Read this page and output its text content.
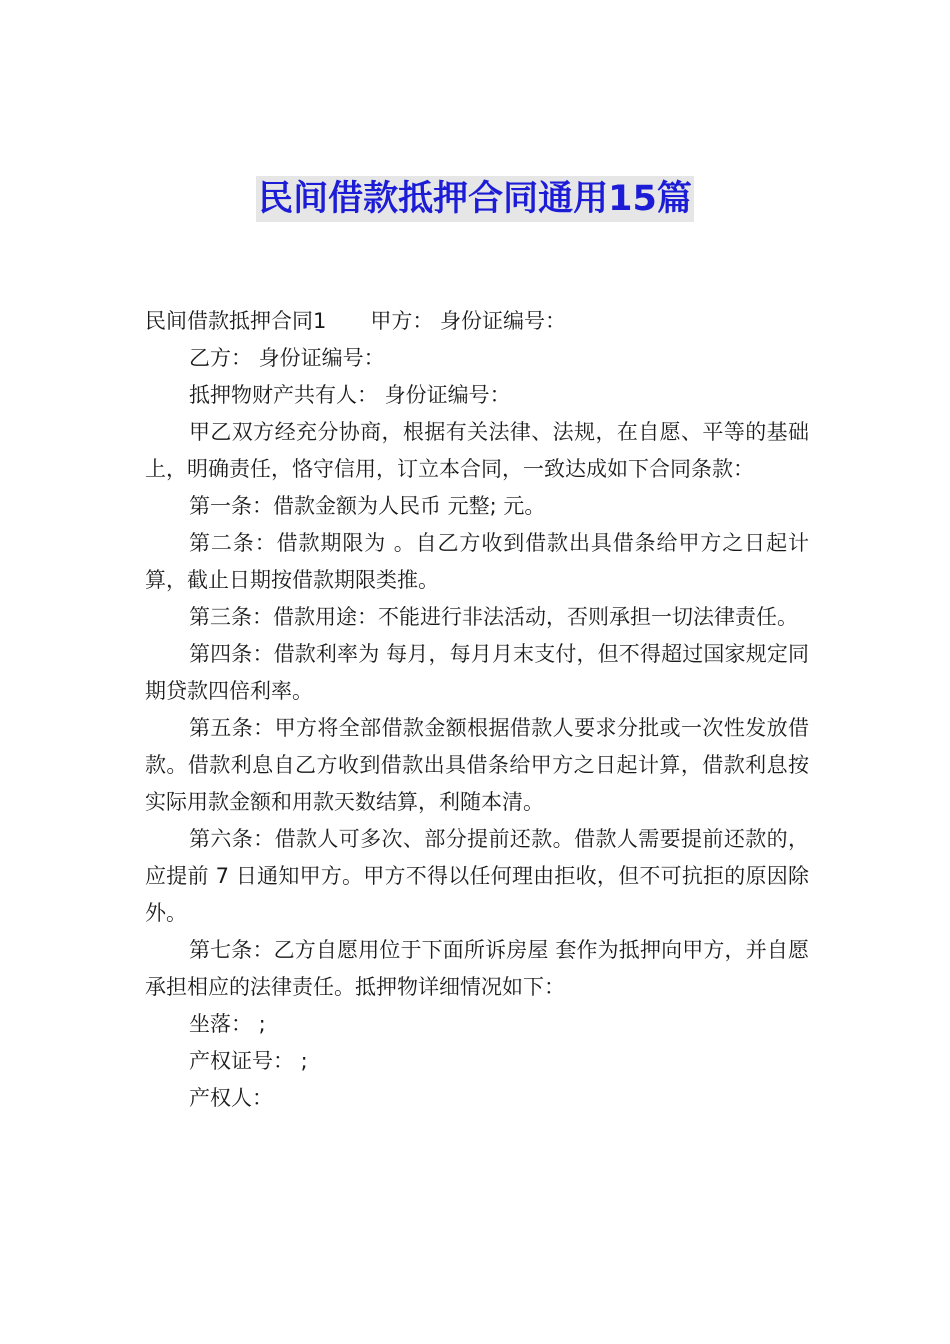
民间借款抵押合同通用15篇

民间借款抵押合同1 甲方： 身份证编号：

乙方： 身份证编号：

抵押物财产共有人： 身份证编号：

甲乙双方经充分协商，根据有关法律、法规，在自愿、平等的基础上，明确责任，恪守信用，订立本合同，一致达成如下合同条款：

第一条：借款金额为人民币 元整; 元。

第二条：借款期限为 。自乙方收到借款出具借条给甲方之日起计算，截止日期按借款期限类推。

第三条：借款用途：不能进行非法活动，否则承担一切法律责任。

第四条：借款利率为 每月，每月月末支付，但不得超过国家规定同期贷款四倍利率。

第五条：甲方将全部借款金额根据借款人要求分批或一次性发放借款。借款利息自乙方收到借款出具借条给甲方之日起计算，借款利息按实际用款金额和用款天数结算，利随本清。

第六条：借款人可多次、部分提前还款。借款人需要提前还款的，应提前 7 日通知甲方。甲方不得以任何理由拒收，但不可抗拒的原因除外。

第七条：乙方自愿用位于下面所诉房屋 套作为抵押向甲方，并自愿承担相应的法律责任。抵押物详细情况如下：

坐落： ;

产权证号： ;

产权人：
